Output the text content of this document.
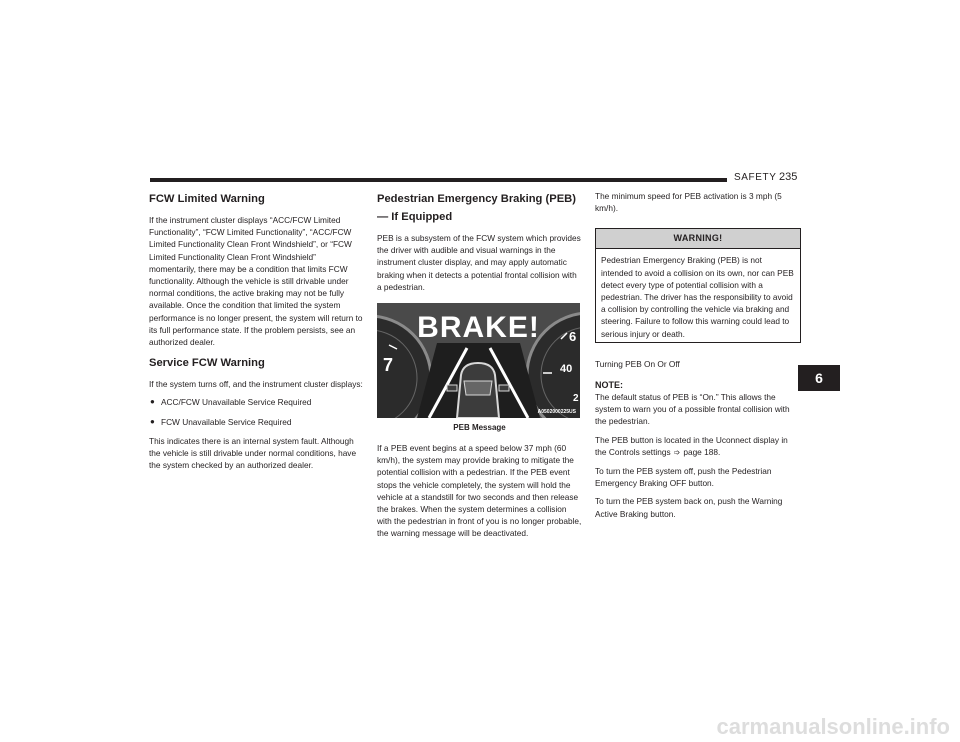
SAFETY 235
6
FCW Limited Warning

If the instrument cluster displays “ACC/FCW Limited Functionality”, “FCW Limited Functionality”, “ACC/FCW Limited Functionality Clean Front Windshield”, or “FCW Limited Functionality Clean Front Windshield” momentarily, there may be a condition that limits FCW functionality. Although the vehicle is still drivable under normal conditions, the active braking may not be fully available. Once the condition that limited the system performance is no longer present, the system will return to its full performance state. If the problem persists, see an authorized dealer.

Service FCW Warning

If the system turns off, and the instrument cluster displays:

● ACC/FCW Unavailable Service Required
● FCW Unavailable Service Required

This indicates there is an internal system fault. Although the vehicle is still drivable under normal conditions, have the system checked by an authorized dealer.

Pedestrian Emergency Braking (PEB) — If Equipped

PEB is a subsystem of the FCW system which provides the driver with audible and visual warnings in the instrument cluster display, and may apply automatic braking when it detects a potential frontal collision with a pedestrian.

BRAKE!
7
6
40
2
A0502000225US
PEB Message

If a PEB event begins at a speed below 37 mph (60 km/h), the system may provide braking to mitigate the potential collision with a pedestrian. If the PEB event stops the vehicle completely, the system will hold the vehicle at a standstill for two seconds and then release the brakes. When the system determines a collision with the pedestrian in front of you is no longer probable, the warning message will be deactivated.

The minimum speed for PEB activation is 3 mph (5 km/h).

WARNING!
Pedestrian Emergency Braking (PEB) is not intended to avoid a collision on its own, nor can PEB detect every type of potential collision with a pedestrian. The driver has the responsibility to avoid a collision by controlling the vehicle via braking and steering. Failure to follow this warning could lead to serious injury or death.

Turning PEB On Or Off

NOTE:

The default status of PEB is “On.” This allows the system to warn you of a possible frontal collision with the pedestrian.

The PEB button is located in the Uconnect display in the Controls settings ➩ page 188.

To turn the PEB system off, push the Pedestrian Emergency Braking OFF button.

To turn the PEB system back on, push the Warning Active Braking button.

carmanualsonline.info
